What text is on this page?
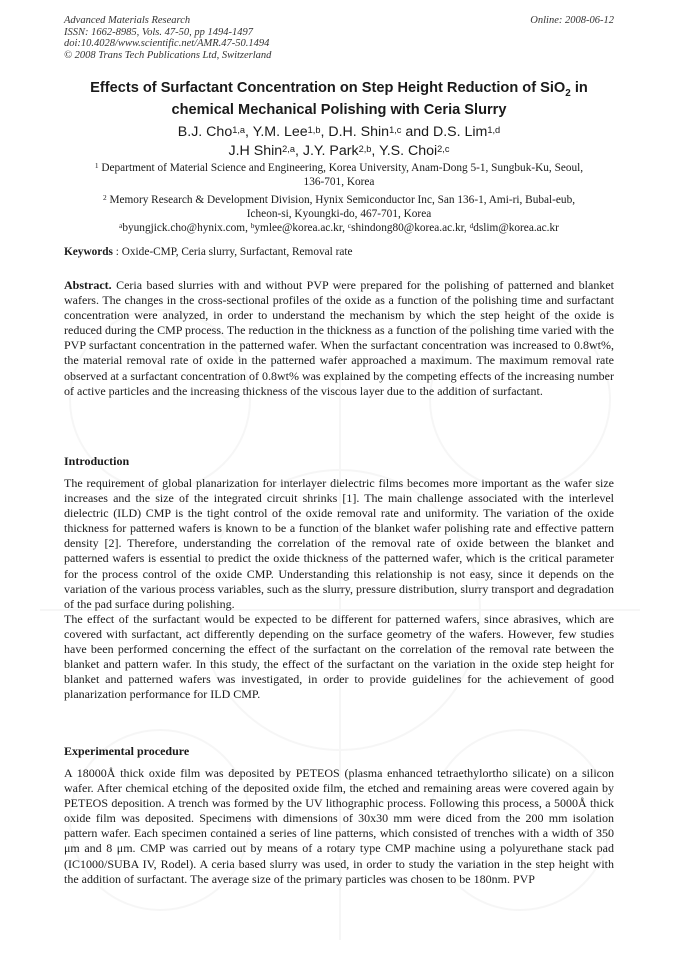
Advanced Materials Research
ISSN: 1662-8985, Vols. 47-50, pp 1494-1497
doi:10.4028/www.scientific.net/AMR.47-50.1494
© 2008 Trans Tech Publications Ltd, Switzerland
Online: 2008-06-12
Effects of Surfactant Concentration on Step Height Reduction of SiO$_2$ in
chemical Mechanical Polishing with Ceria Slurry
B.J. Cho$^{1,a}$, Y.M. Lee$^{1,b}$, D.H. Shin$^{1,c}$ and D.S. Lim$^{1,d}$
J.H Shin$^{2,a}$, J.Y. Park$^{2,b}$, Y.S. Choi$^{2,c}$
$^1$ Department of Material Science and Engineering, Korea University, Anam-Dong 5-1, Sungbuk-Ku, Seoul,
136-701, Korea
$^2$ Memory Research & Development Division, Hynix Semiconductor Inc, San 136-1, Ami-ri, Bubal-eub,
Icheon-si, Kyoungki-do, 467-701, Korea
$^a$byungjick.cho@hynix.com, $^b$ymlee@korea.ac.kr, $^c$shindong80@korea.ac.kr, $^d$dslim@korea.ac.kr
Keywords : Oxide-CMP, Ceria slurry, Surfactant, Removal rate
Abstract. Ceria based slurries with and without PVP were prepared for the polishing of patterned and blanket wafers. The changes in the cross-sectional profiles of the oxide as a function of the polishing time and surfactant concentration were analyzed, in order to understand the mechanism by which the step height of the oxide is reduced during the CMP process. The reduction in the thickness as a function of the polishing time varied with the PVP surfactant concentration in the patterned wafer. When the surfactant concentration was increased to 0.8wt%, the material removal rate of oxide in the patterned wafer approached a maximum. The maximum removal rate observed at a surfactant concentration of 0.8wt% was explained by the competing effects of the increasing number of active particles and the increasing thickness of the viscous layer due to the addition of surfactant.
Introduction

The requirement of global planarization for interlayer dielectric films becomes more important as the wafer size increases and the size of the integrated circuit shrinks [1]. The main challenge associated with the interlevel dielectric (ILD) CMP is the tight control of the oxide removal rate and uniformity. The variation of the oxide thickness for patterned wafers is known to be a function of the blanket wafer polishing rate and effective pattern density [2]. Therefore, understanding the correlation of the removal rate of oxide between the blanket and patterned wafers is essential to predict the oxide thickness of the patterned wafer, which is the critical parameter for the process control of the oxide CMP. Understanding this relationship is not easy, since it depends on the variation of the various process variables, such as the slurry, pressure distribution, slurry transport and degradation of the pad surface during polishing.

The effect of the surfactant would be expected to be different for patterned wafers, since abrasives, which are covered with surfactant, act differently depending on the surface geometry of the wafers. However, few studies have been performed concerning the effect of the surfactant on the correlation of the removal rate between the blanket and pattern wafer. In this study, the effect of the surfactant on the variation in the oxide step height for blanket and patterned wafers was investigated, in order to provide guidelines for the achievement of good planarization performance for ILD CMP.

Experimental procedure

A 18000Å thick oxide film was deposited by PETEOS (plasma enhanced tetraethylortho silicate) on a silicon wafer. After chemical etching of the deposited oxide film, the etched and remaining areas were covered again by PETEOS deposition. A trench was formed by the UV lithographic process. Following this process, a 5000Å thick oxide film was deposited. Specimens with dimensions of 30x30 mm were diced from the 200 mm isolation pattern wafer. Each specimen contained a series of line patterns, which consisted of trenches with a width of 350 μm and 8 μm. CMP was carried out by means of a rotary type CMP machine using a polyurethane stack pad (IC1000/SUBA IV, Rodel). A ceria based slurry was used, in order to study the variation in the step height with the addition of surfactant. The average size of the primary particles was chosen to be 180nm. PVP
